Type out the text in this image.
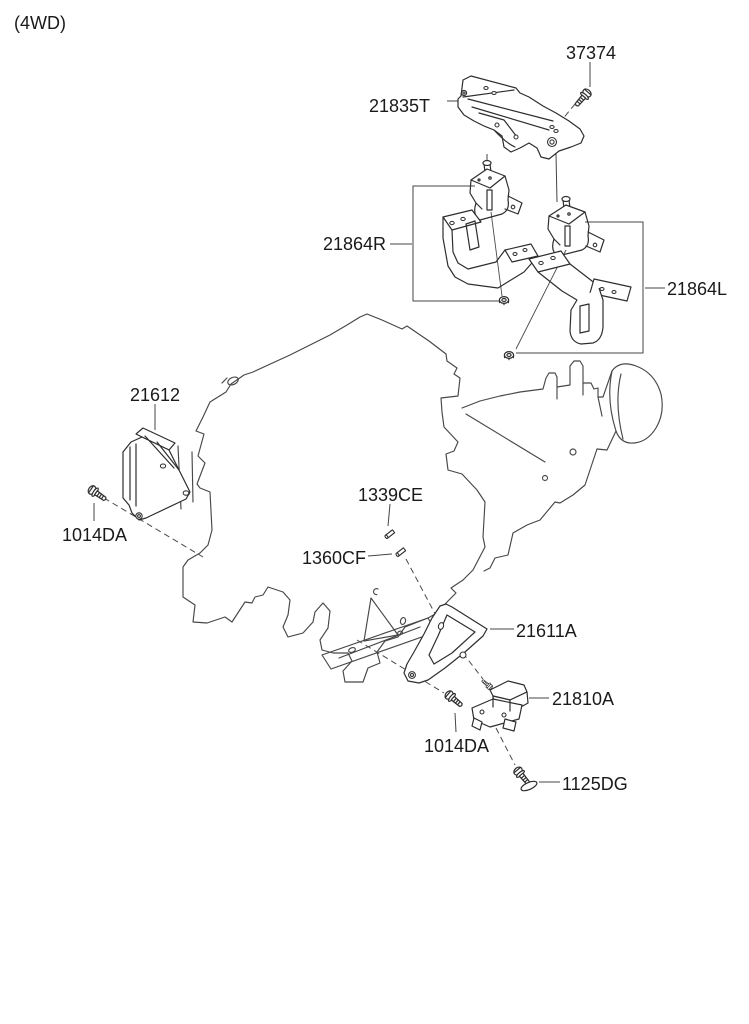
(4WD)
37374
21835T
21864R
21864L
21612
1014DA
1339CE
1360CF
21611A
21810A
1014DA
1125DG
